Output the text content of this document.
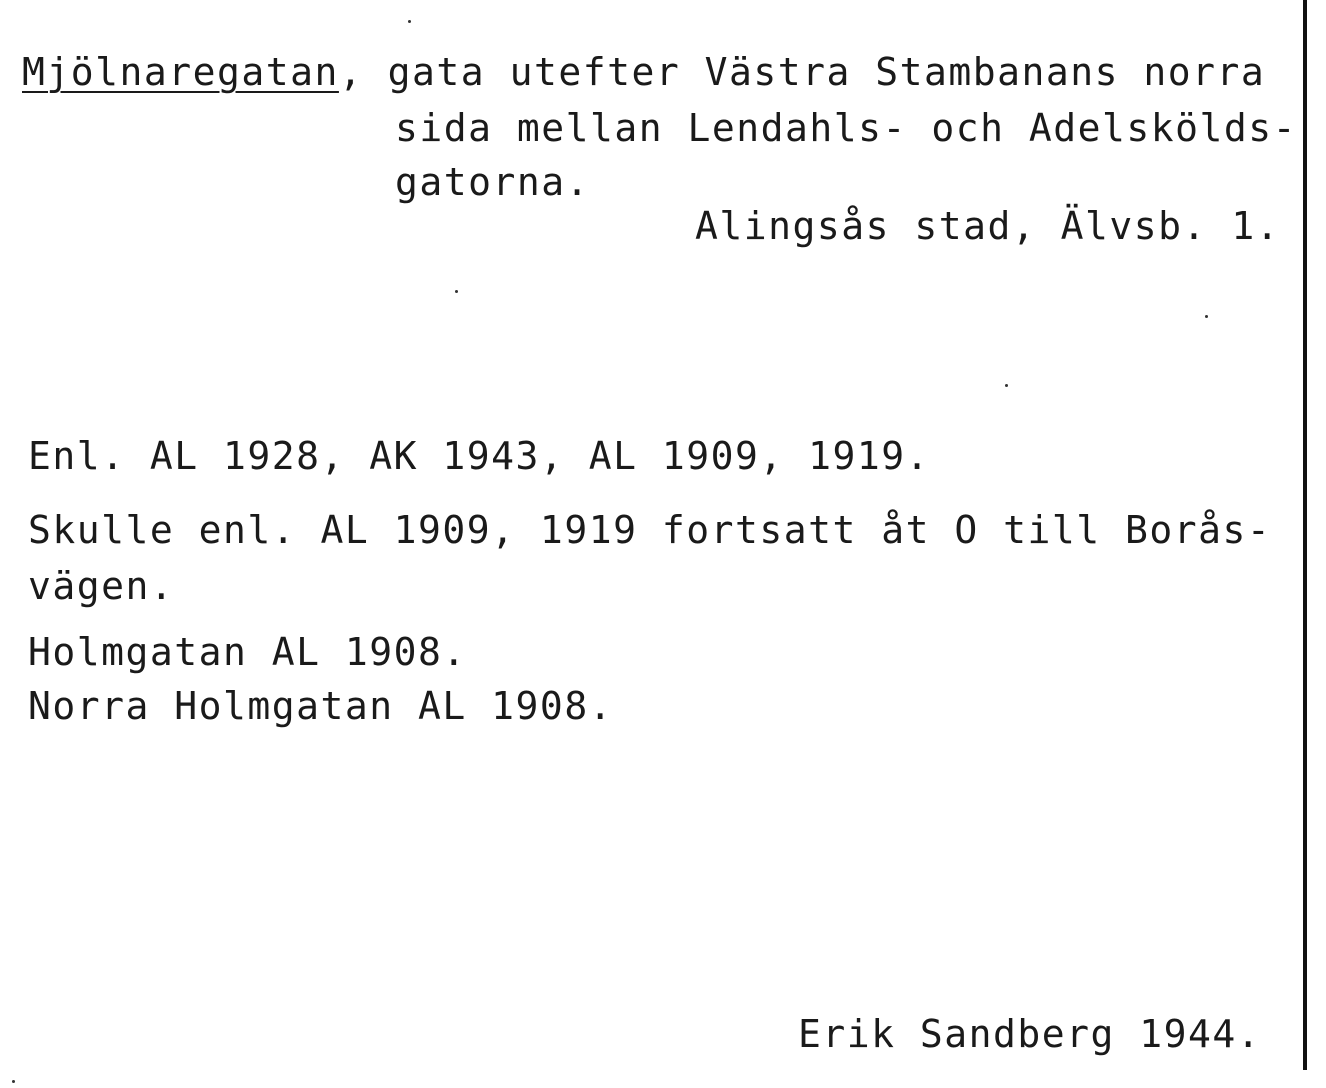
Mjölnaregatan, gata utefter Västra Stambanans norra
sida mellan Lendahls- och Adelskölds-
gatorna.
Alingsås stad, Älvsb. 1.
Enl. AL 1928, AK 1943, AL 1909, 1919.
Skulle enl. AL 1909, 1919 fortsatt åt O till Borås-
vägen.
Holmgatan AL 1908.
Norra Holmgatan AL 1908.
Erik Sandberg 1944.
